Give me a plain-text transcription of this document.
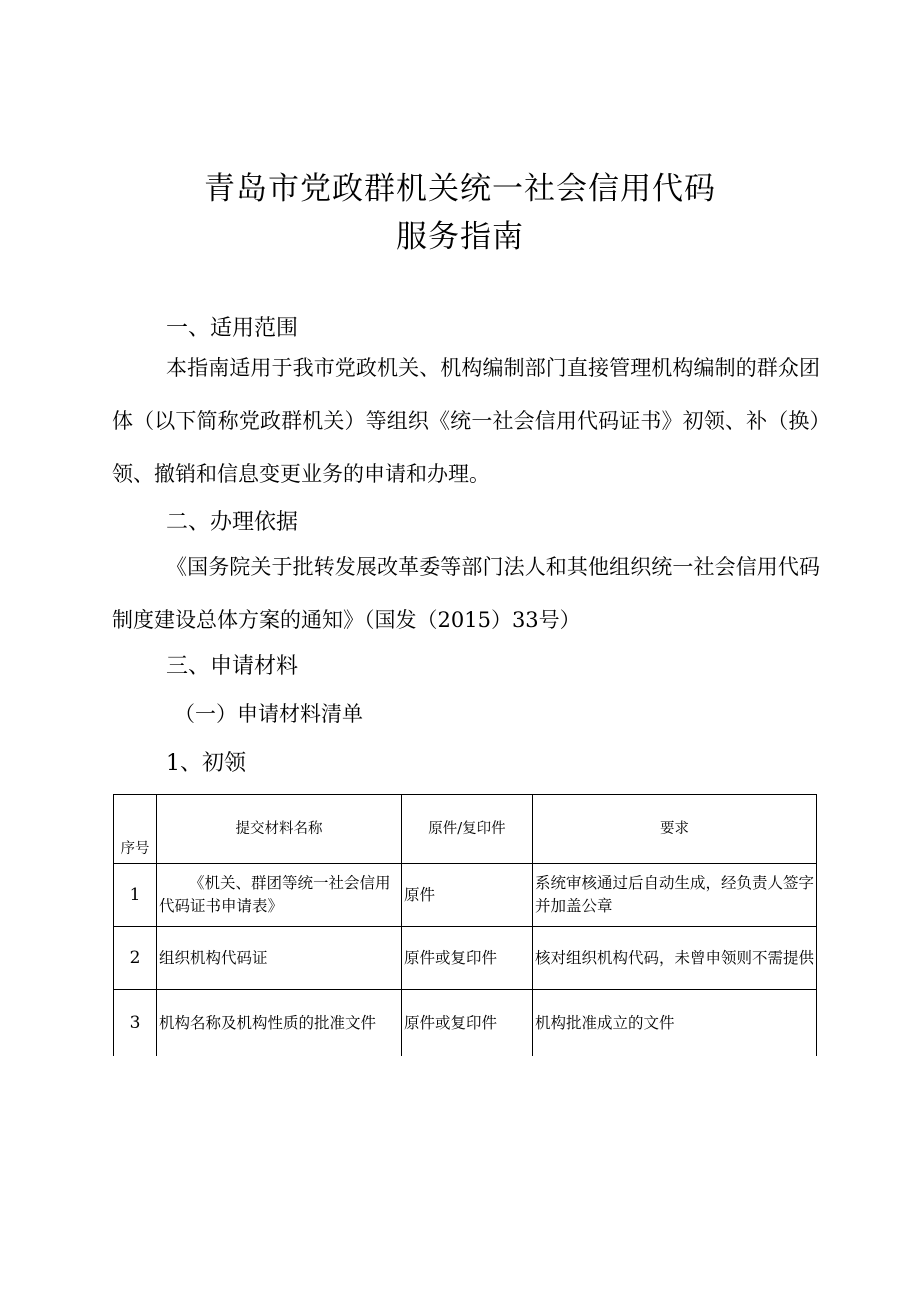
青岛市党政群机关统一社会信用代码
服务指南
一、适用范围

本指南适用于我市党政机关、机构编制部门直接管理机构编制的群众团体（以下简称党政群机关）等组织《统一社会信用代码证书》初领、补（换）领、撤销和信息变更业务的申请和办理。

二、办理依据

《国务院关于批转发展改革委等部门法人和其他组织统一社会信用代码制度建设总体方案的通知》（国发（2015）33号）

三、申请材料
（一）申请材料清单
1、初领
序号	提交材料名称	原件/复印件	要求
1	《机关、群团等统一社会信用代码证书申请表》	原件	系统审核通过后自动生成，经负责人签字并加盖公章
2	组织机构代码证	原件或复印件	核对组织机构代码，未曾申领则不需提供
3	机构名称及机构性质的批准文件	原件或复印件	机构批准成立的文件
